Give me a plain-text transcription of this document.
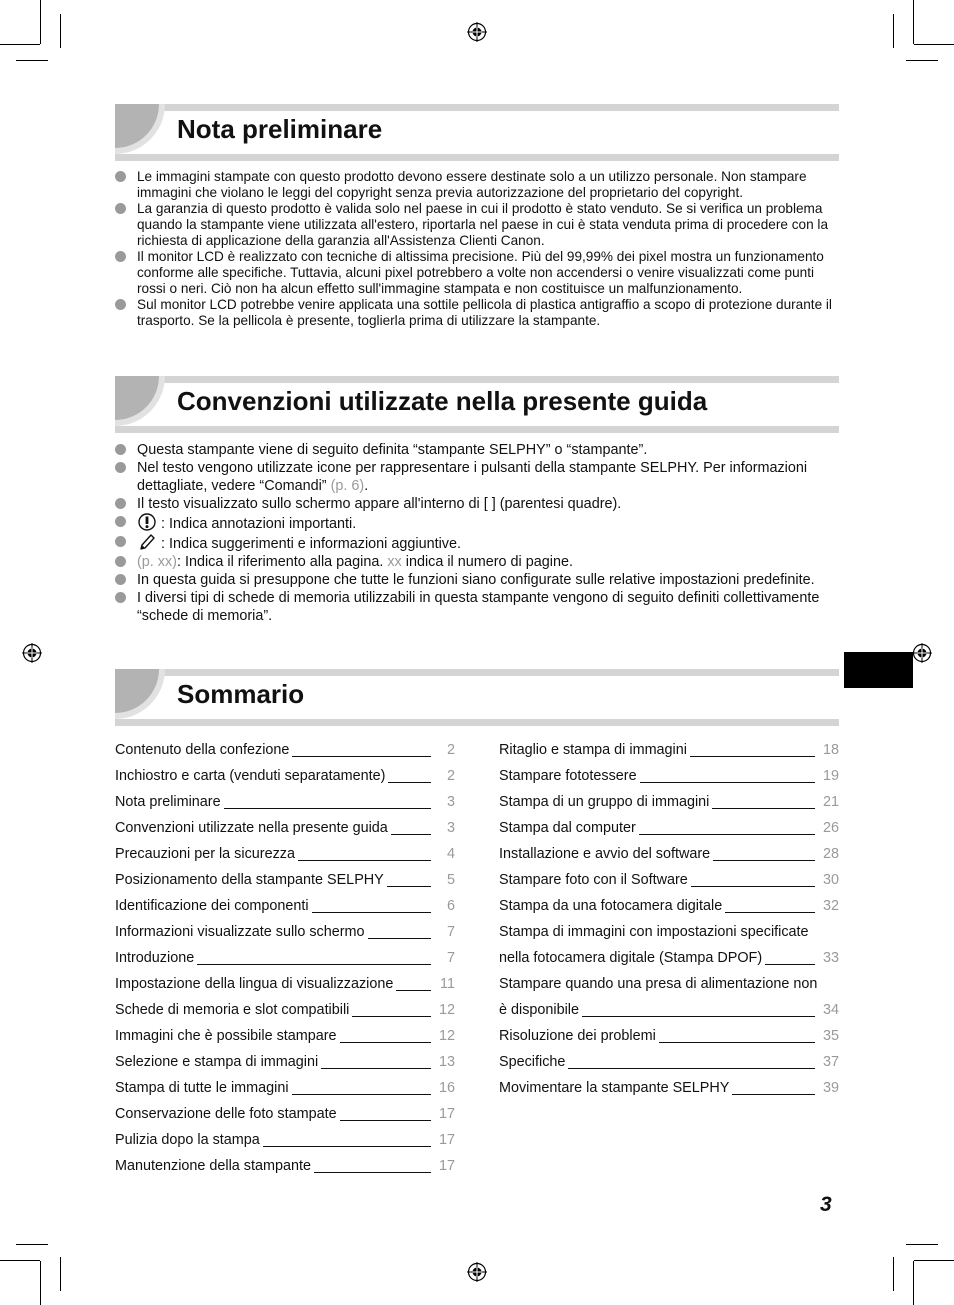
Nota preliminare
Le immagini stampate con questo prodotto devono essere destinate solo a un utilizzo personale. Non stampare immagini che violano le leggi del copyright senza previa autorizzazione del proprietario del copyright.
La garanzia di questo prodotto è valida solo nel paese in cui il prodotto è stato venduto. Se si verifica un problema quando la stampante viene utilizzata all'estero, riportarla nel paese in cui è stata venduta prima di procedere con la richiesta di applicazione della garanzia all'Assistenza Clienti Canon.
Il monitor LCD è realizzato con tecniche di altissima precisione. Più del 99,99% dei pixel mostra un funzionamento conforme alle specifiche. Tuttavia, alcuni pixel potrebbero a volte non accendersi o venire visualizzati come punti rossi o neri. Ciò non ha alcun effetto sull'immagine stampata e non costituisce un malfunzionamento.
Sul monitor LCD potrebbe venire applicata una sottile pellicola di plastica antigraffio a scopo di protezione durante il trasporto. Se la pellicola è presente, toglierla prima di utilizzare la stampante.
Convenzioni utilizzate nella presente guida
Questa stampante viene di seguito definita “stampante SELPHY” o “stampante”.
Nel testo vengono utilizzate icone per rappresentare i pulsanti della stampante SELPHY. Per informazioni dettagliate, vedere “Comandi” (p. 6).
Il testo visualizzato sullo schermo appare all'interno di [ ] (parentesi quadre).
: Indica annotazioni importanti.
: Indica suggerimenti e informazioni aggiuntive.
(p. xx): Indica il riferimento alla pagina. xx indica il numero di pagine.
In questa guida si presuppone che tutte le funzioni siano configurate sulle relative impostazioni predefinite.
I diversi tipi di schede di memoria utilizzabili in questa stampante vengono di seguito definiti collettivamente “schede di memoria”.
Sommario
Contenuto della confezione	2
Inchiostro e carta (venduti separatamente)	2
Nota preliminare	3
Convenzioni utilizzate nella presente guida	3
Precauzioni per la sicurezza	4
Posizionamento della stampante SELPHY	5
Identificazione dei componenti	6
Informazioni visualizzate sullo schermo	7
Introduzione	7
Impostazione della lingua di visualizzazione	11
Schede di memoria e slot compatibili	12
Immagini che è possibile stampare	12
Selezione e stampa di immagini	13
Stampa di tutte le immagini	16
Conservazione delle foto stampate	17
Pulizia dopo la stampa	17
Manutenzione della stampante	17
Ritaglio e stampa di immagini	18
Stampare fototessere	19
Stampa di un gruppo di immagini	21
Stampa dal computer	26
Installazione e avvio del software	28
Stampare foto con il Software	30
Stampa da una fotocamera digitale	32
Stampa di immagini con impostazioni specificate
nella fotocamera digitale (Stampa DPOF)	33
Stampare quando una presa di alimentazione non
è disponibile	34
Risoluzione dei problemi	35
Specifiche	37
Movimentare la stampante SELPHY	39
3
